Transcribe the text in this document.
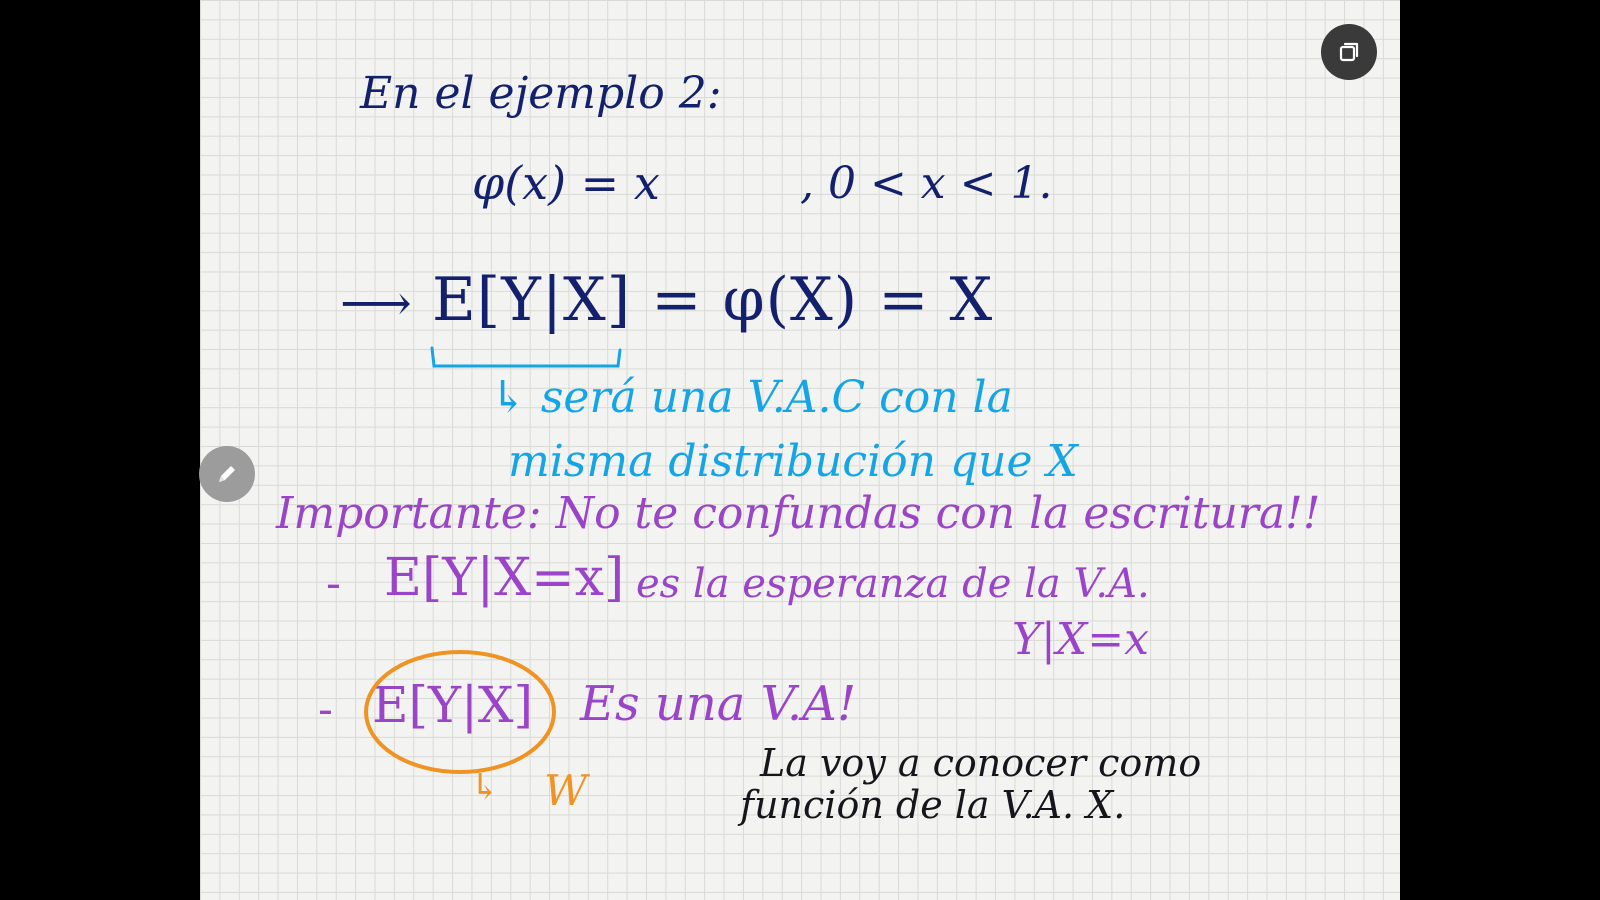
En el ejemplo 2:
φ(x) = x	, 0 < x < 1.
⟶ E[Y|X] = φ(X) = X
↳ será una V.A.C con la
misma distribución que X
Importante: No te confundas con la escritura!!
- E[Y|X=x] es la esperanza de la V.A.
Y|X=x
- E[Y|X] Es una V.A!
↳ W
La voy a conocer como
función de la V.A. X.
